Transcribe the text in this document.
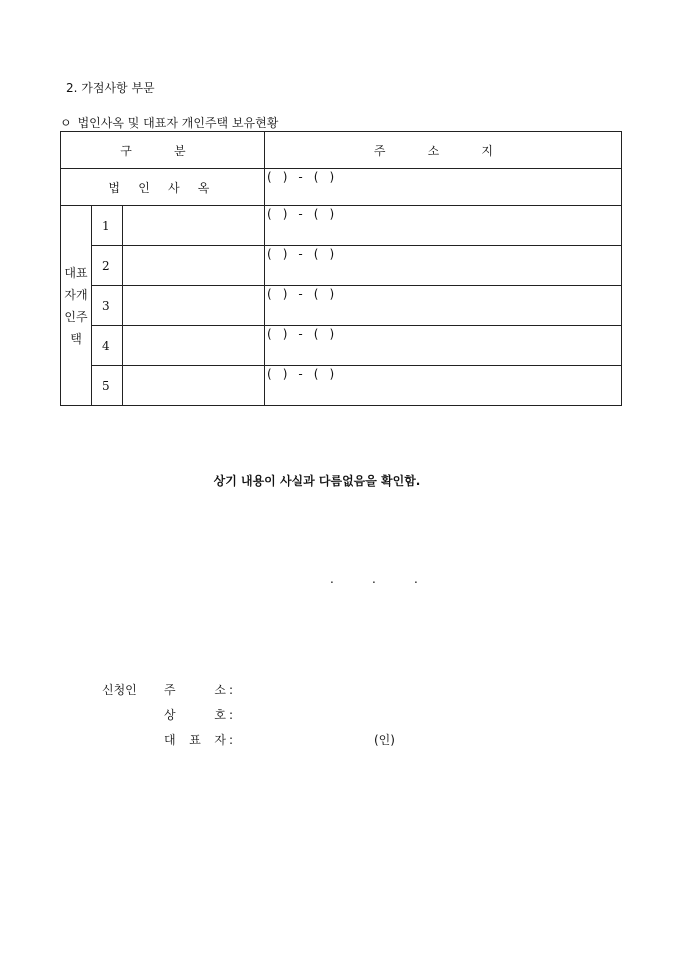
2. 가점사항 부문
ㅇ 법인사옥 및 대표자 개인주택 보유현황
구 분			주 소 지
법 인 사 옥			( ) - ( )

대표
자개
인주
택	1		( ) - ( )
	2		( ) - ( )
	3		( ) - ( )
	4		( ) - ( )
	5		( ) - ( )
상기 내용이 사실과 다름없음을 확인함.
.	.	.
신청인 주 소 :
상 호 :
대 표 자 :	(인)
